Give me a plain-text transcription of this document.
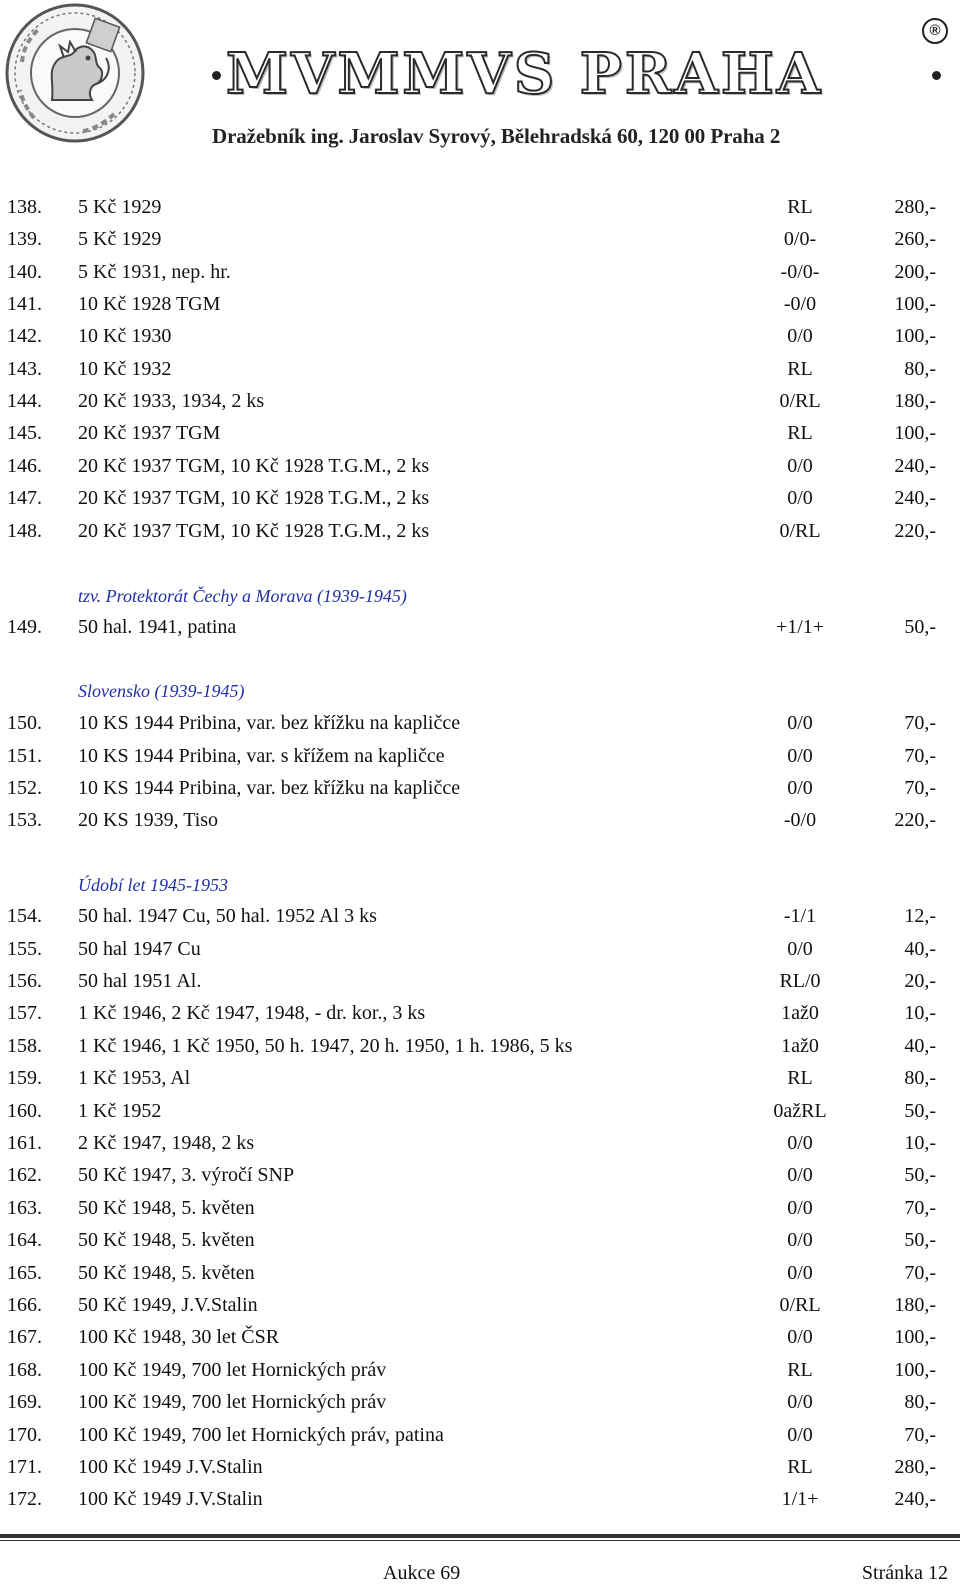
MVMMVS PRAHA
®
Dražebník ing. Jaroslav Syrový, Bělehradská 60, 120 00 Praha 2
138. 5 Kč 1929	RL	280,-
139. 5 Kč 1929	0/0-	260,-
140. 5 Kč 1931, nep. hr.	-0/0-	200,-
141. 10 Kč 1928 TGM	-0/0	100,-
142. 10 Kč 1930	0/0	100,-
143. 10 Kč 1932	RL	80,-
144. 20 Kč 1933, 1934, 2 ks	0/RL	180,-
145. 20 Kč 1937 TGM	RL	100,-
146. 20 Kč 1937 TGM, 10 Kč 1928 T.G.M., 2 ks	0/0	240,-
147. 20 Kč 1937 TGM, 10 Kč 1928 T.G.M., 2 ks	0/0	240,-
148. 20 Kč 1937 TGM, 10 Kč 1928 T.G.M., 2 ks	0/RL	220,-
tzv. Protektorát Čechy a Morava (1939-1945)
149. 50 hal. 1941, patina	+1/1+	50,-
Slovensko (1939-1945)
150. 10 KS 1944 Pribina, var. bez křížku na kapličce	0/0	70,-
151. 10 KS 1944 Pribina, var. s křížem na kapličce	0/0	70,-
152. 10 KS 1944 Pribina, var. bez křížku na kapličce	0/0	70,-
153. 20 KS 1939, Tiso	-0/0	220,-
Údobí let 1945-1953
154. 50 hal. 1947 Cu, 50 hal. 1952 Al 3 ks	-1/1	12,-
155. 50 hal 1947 Cu	0/0	40,-
156. 50 hal 1951 Al.	RL/0	20,-
157. 1 Kč 1946, 2 Kč 1947, 1948, - dr. kor., 3 ks	1až0	10,-
158. 1 Kč 1946, 1 Kč 1950, 50 h. 1947, 20 h. 1950, 1 h. 1986, 5 ks	1až0	40,-
159. 1 Kč 1953, Al	RL	80,-
160. 1 Kč 1952	0ažRL	50,-
161. 2 Kč 1947, 1948, 2 ks	0/0	10,-
162. 50 Kč 1947, 3. výročí SNP	0/0	50,-
163. 50 Kč 1948, 5. květen	0/0	70,-
164. 50 Kč 1948, 5. květen	0/0	50,-
165. 50 Kč 1948, 5. květen	0/0	70,-
166. 50 Kč 1949, J.V.Stalin	0/RL	180,-
167. 100 Kč 1948, 30 let ČSR	0/0	100,-
168. 100 Kč 1949, 700 let Hornických práv	RL	100,-
169. 100 Kč 1949, 700 let Hornických práv	0/0	80,-
170. 100 Kč 1949, 700 let Hornických práv, patina	0/0	70,-
171. 100 Kč 1949 J.V.Stalin	RL	280,-
172. 100 Kč 1949 J.V.Stalin	1/1+	240,-
Aukce 69	Stránka 12
